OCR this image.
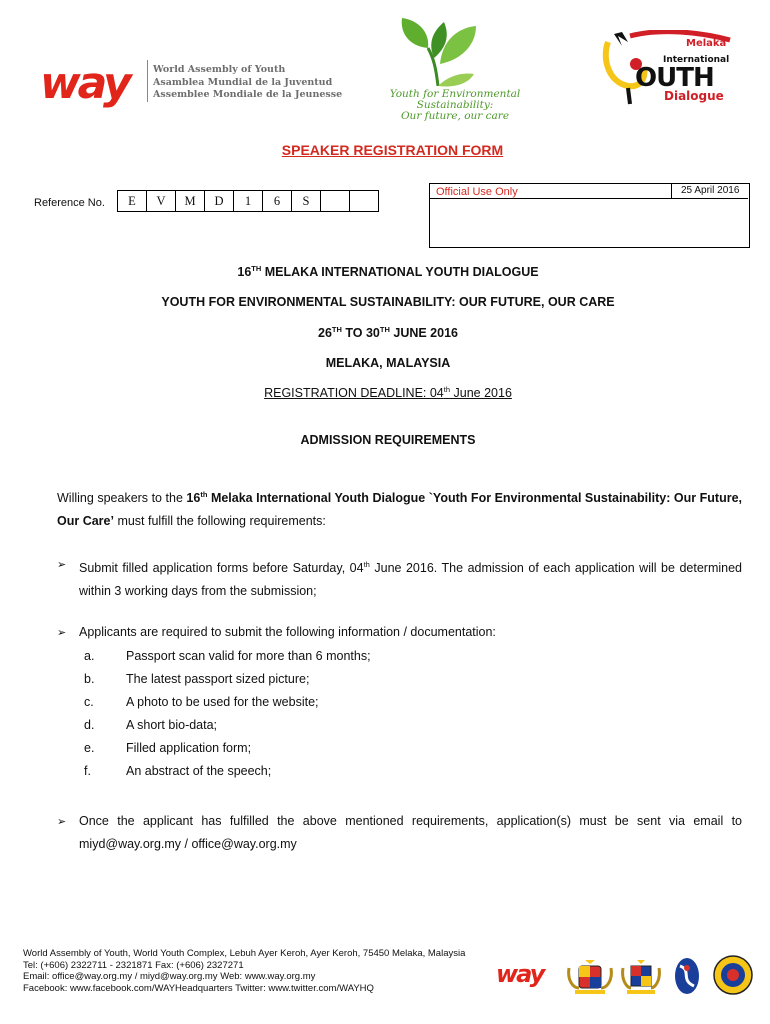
way	World Assembly of Youth
Asamblea Mundial de la Juventud
Assemblee Mondiale de la Jeunesse	Youth for Environmental Sustainability:
Our future, our care
Melaka
International
OUTH
Dialogue
SPEAKER REGISTRATION FORM
Reference No.	E	V	M	D	1	6	S
Official Use Only	25 April 2016
16TH MELAKA INTERNATIONAL YOUTH DIALOGUE
YOUTH FOR ENVIRONMENTAL SUSTAINABILITY: OUR FUTURE, OUR CARE
26TH TO 30TH JUNE 2016
MELAKA, MALAYSIA
REGISTRATION DEADLINE: 04th June 2016
ADMISSION REQUIREMENTS
Willing speakers to the 16th Melaka International Youth Dialogue `Youth For Environmental Sustainability: Our Future, Our Care’ must fulfill the following requirements:
➢ Submit filled application forms before Saturday, 04th June 2016. The admission of each application will be determined within 3 working days from the submission;
➢ Applicants are required to submit the following information / documentation:
a.	Passport scan valid for more than 6 months;
b.	The latest passport sized picture;
c.	A photo to be used for the website;
d.	A short bio-data;
e.	Filled application form;
f.	An abstract of the speech;
➢ Once the applicant has fulfilled the above mentioned requirements, application(s) must be sent via email to miyd@way.org.my / office@way.org.my
World Assembly of Youth, World Youth Complex, Lebuh Ayer Keroh, Ayer Keroh, 75450 Melaka, Malaysia
Tel: (+606) 2322711 - 2321871 Fax: (+606) 2327271
Email: office@way.org.my / miyd@way.org.my Web: www.way.org.my
Facebook: www.facebook.com/WAYHeadquarters Twitter: www.twitter.com/WAYHQ
way
